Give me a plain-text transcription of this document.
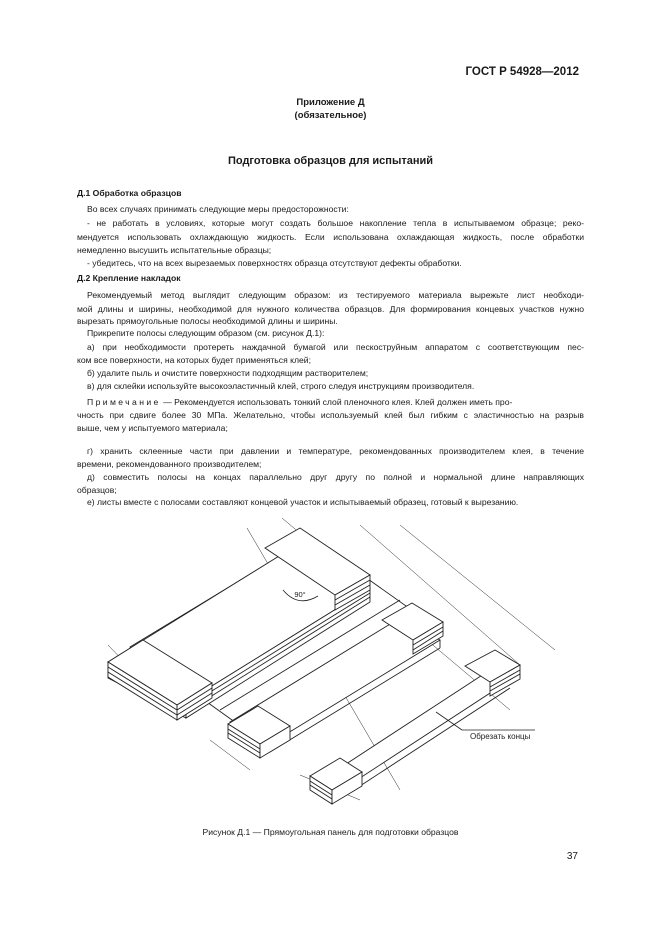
ГОСТ Р 54928—2012
Приложение Д
(обязательное)
Подготовка образцов для испытаний
Д.1 Обработка образцов
Во всех случаях принимать следующие меры предосторожности:
- не работать в условиях, которые могут создать большое накопление тепла в испытываемом образце; реко-
мендуется использовать охлаждающую жидкость. Если использована охлаждающая жидкость, после обработки
немедленно высушить испытательные образцы;
- убедитесь, что на всех вырезаемых поверхностях образца отсутствуют дефекты обработки.
Д.2 Крепление накладок
Рекомендуемый метод выглядит следующим образом: из тестируемого материала вырежьте лист необходи-
мой длины и ширины, необходимой для нужного количества образцов. Для формирования концевых участков нужно
вырезать прямоугольные полосы необходимой длины и ширины.
Прикрепите полосы следующим образом (см. рисунок Д.1):
а) при необходимости протереть наждачной бумагой или пескоструйным аппаратом с соответствующим пес-
ком все поверхности, на которых будет применяться клей;
б) удалите пыль и очистите поверхности подходящим растворителем;
в) для склейки используйте высокоэластичный клей, строго следуя инструкциям производителя.
Примечание — Рекомендуется использовать тонкий слой пленочного клея. Клей должен иметь про-
чность при сдвиге более 30 МПа. Желательно, чтобы используемый клей был гибким с эластичностью на разрыв
выше, чем у испытуемого материала;
г) хранить склеенные части при давлении и температуре, рекомендованных производителем клея, в течение
времени, рекомендованного производителем;
д) совместить полосы на концах параллельно друг другу по полной и нормальной длине направляющих
образцов;
е) листы вместе с полосами составляют концевой участок и испытываемый образец, готовый к вырезанию.
90°
Обрезать концы
Рисунок Д.1 — Прямоугольная панель для подготовки образцов
37
